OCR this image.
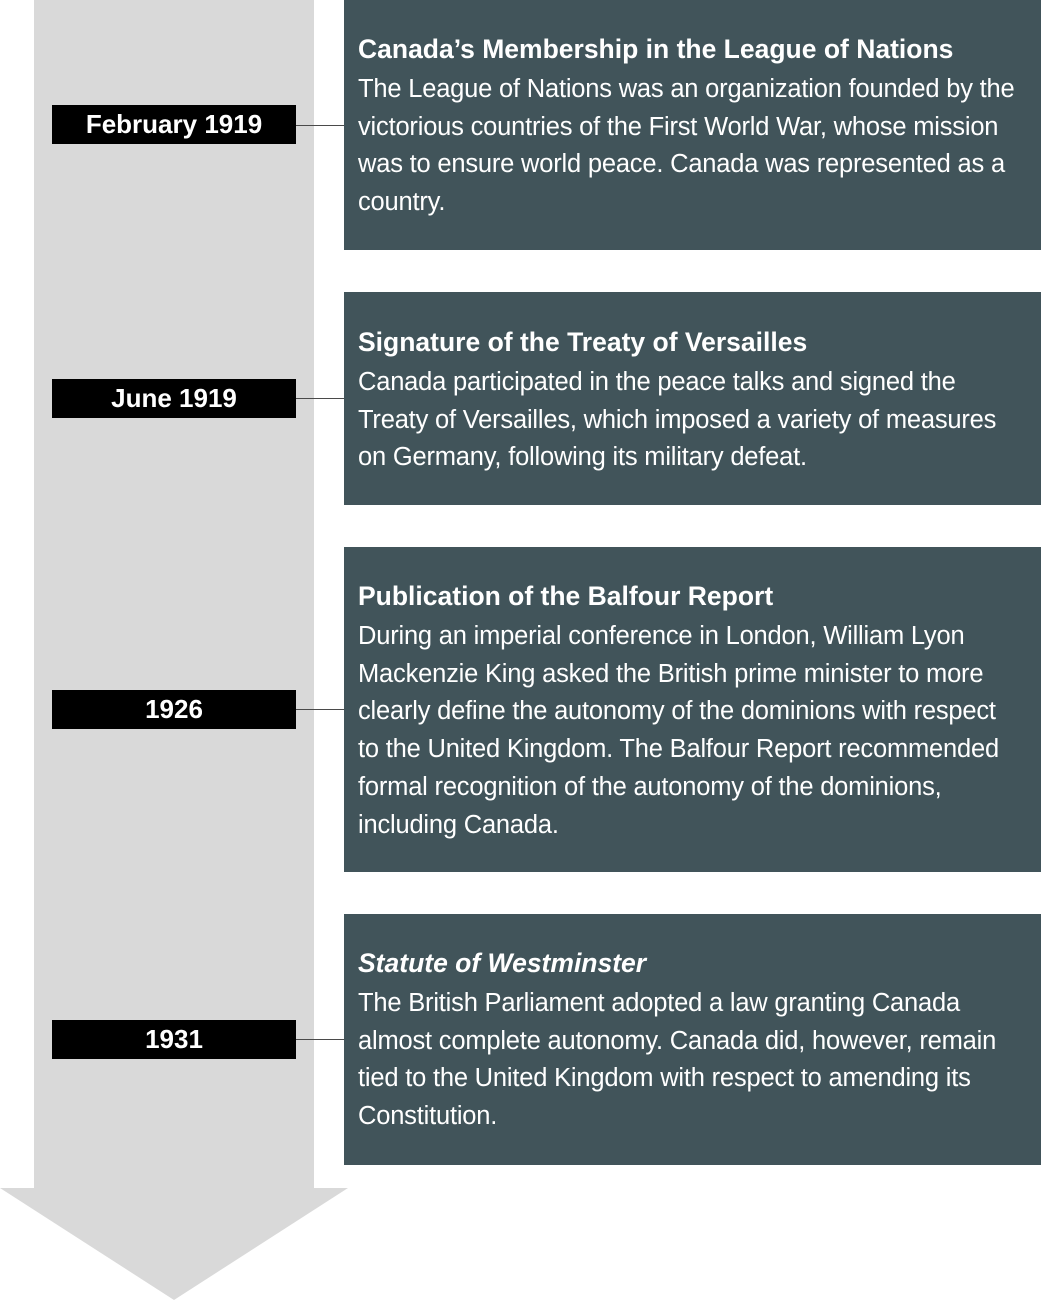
February 1919
Canada’s Membership in the League of Nations
The League of Nations was an organization founded by the victorious countries of the First World War, whose mission was to ensure world peace. Canada was represented as a country.
June 1919
Signature of the Treaty of Versailles
Canada participated in the peace talks and signed the Treaty of Versailles, which imposed a variety of measures on Germany, following its military defeat.
1926
Publication of the Balfour Report
During an imperial conference in London, William Lyon Mackenzie King asked the British prime minister to more clearly define the autonomy of the dominions with respect to the United Kingdom. The Balfour Report recommended formal recognition of the autonomy of the dominions, including Canada.
1931
Statute of Westminster
The British Parliament adopted a law granting Canada almost complete autonomy. Canada did, however, remain tied to the United Kingdom with respect to amending its Constitution.
